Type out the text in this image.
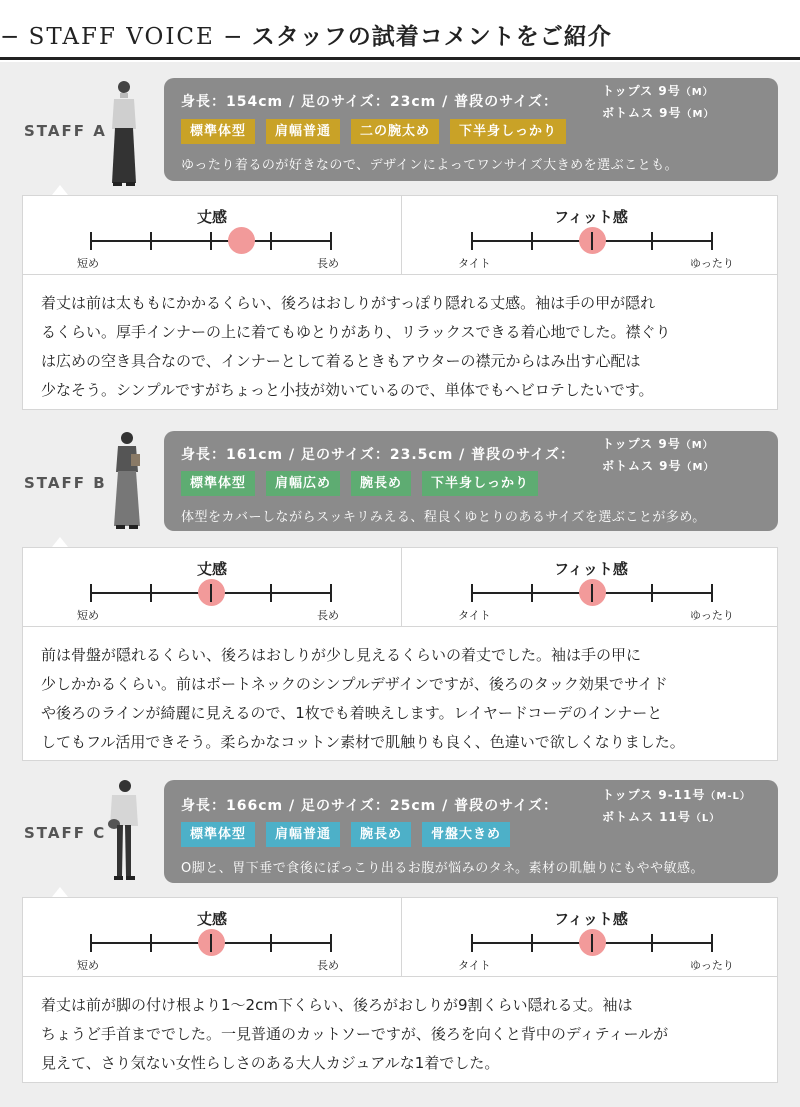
− STAFF VOICE − スタッフの試着コメントをご紹介
STAFF A
身長：154cm / 足のサイズ：23cm / 普段のサイズ：
トップス 9号（M）
ボトムス 9号（M）
標準体型	肩幅普通	二の腕太め	下半身しっかり
ゆったり着るのが好きなので、デザインによってワンサイズ大きめを選ぶことも。
丈感
短め	長め
フィット感
タイト	ゆったり

着丈は前は太ももにかかるくらい、後ろはおしりがすっぽり隠れる丈感。袖は手の甲が隠れ

るくらい。厚手インナーの上に着てもゆとりがあり、リラックスできる着心地でした。襟ぐり

は広めの空き具合なので、インナーとして着るときもアウターの襟元からはみ出す心配は

少なそう。シンプルですがちょっと小技が効いているので、単体でもヘビロテしたいです。

STAFF B
身長：161cm / 足のサイズ：23.5cm / 普段のサイズ：
トップス 9号（M）
ボトムス 9号（M）
標準体型	肩幅広め	腕長め	下半身しっかり
体型をカバーしながらスッキリみえる、程良くゆとりのあるサイズを選ぶことが多め。
丈感
短め	長め
フィット感
タイト	ゆったり

前は骨盤が隠れるくらい、後ろはおしりが少し見えるくらいの着丈でした。袖は手の甲に

少しかかるくらい。前はボートネックのシンプルデザインですが、後ろのタック効果でサイド

や後ろのラインが綺麗に見えるので、1枚でも着映えします。レイヤードコーデのインナーと

してもフル活用できそう。柔らかなコットン素材で肌触りも良く、色違いで欲しくなりました。

STAFF C
身長：166cm / 足のサイズ：25cm / 普段のサイズ：
トップス 9-11号（M-L）
ボトムス 11号（L）
標準体型	肩幅普通	腕長め	骨盤大きめ
O脚と、胃下垂で食後にぽっこり出るお腹が悩みのタネ。素材の肌触りにもやや敏感。
丈感
短め	長め
フィット感
タイト	ゆったり

着丈は前が脚の付け根より1〜2cm下くらい、後ろがおしりが9割くらい隠れる丈。袖は

ちょうど手首まででした。一見普通のカットソーですが、後ろを向くと背中のディティールが

見えて、さり気ない女性らしさのある大人カジュアルな1着でした。
